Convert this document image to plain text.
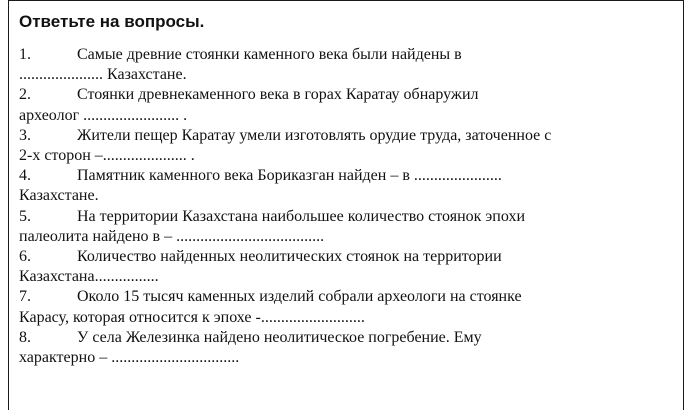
Ответьте на вопросы.
1.	Самые древние стоянки каменного века были найдены в
..................... Казахстане.
2.	Стоянки древнекаменного века в горах Каратау обнаружил
археолог ........................ .
3.	Жители пещер Каратау умели изготовлять орудие труда, заточенное с
2-х сторон –..................... .
4.	Памятник каменного века Бориказган найден – в ......................
Казахстане.
5.	На территории Казахстана наибольшее количество стоянок эпохи
палеолита найдено в – .....................................
6.	Количество найденных неолитических стоянок на территории
Казахстана................
7.	Около 15 тысяч каменных изделий собрали археологи на стоянке
Карасу, которая относится к эпохе -..........................
8.	У села Железинка найдено неолитическое погребение. Ему
характерно – ................................
